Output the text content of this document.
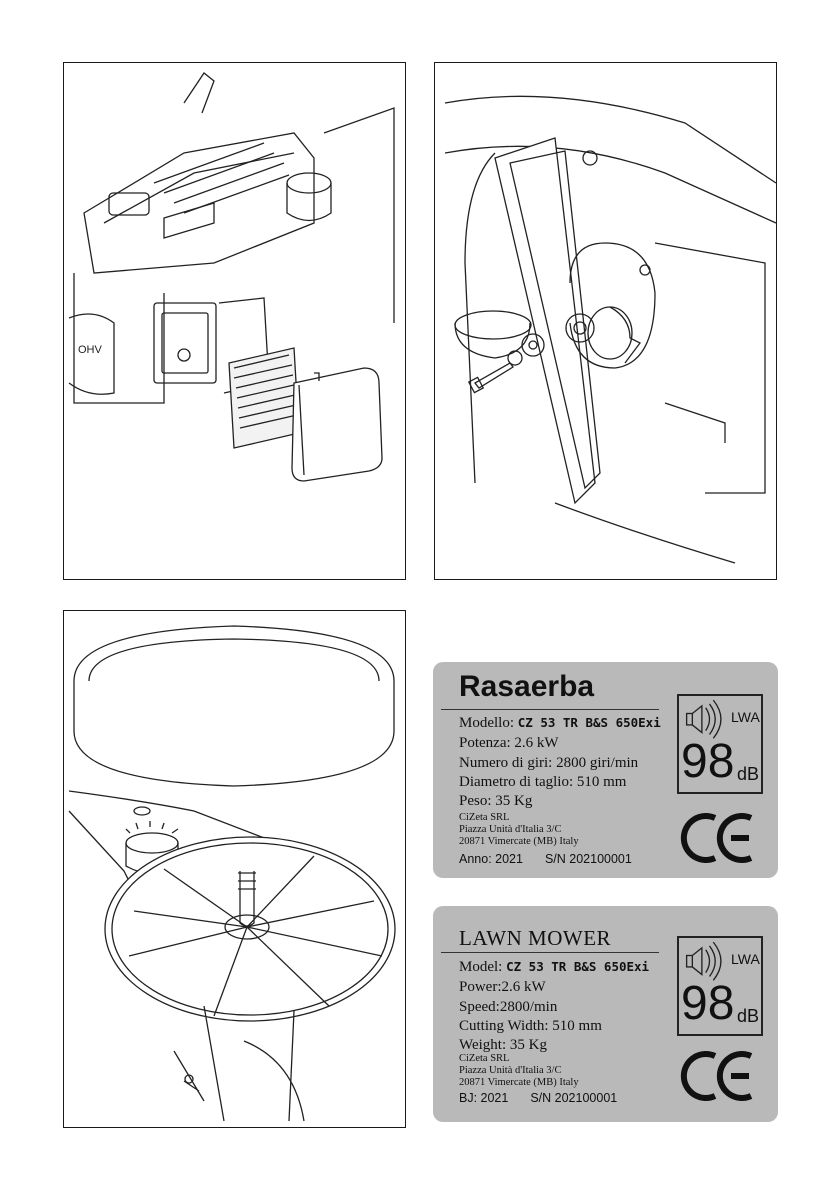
OHV
Rasaerba
Modello: CZ 53 TR B&S 650Exi
Potenza: 2.6 kW
Numero di giri: 2800 giri/min
Diametro di taglio: 510 mm
Peso: 35 Kg
CiZeta SRL
Piazza Unità d'Italia 3/C
20871 Vimercate (MB) Italy
Anno: 2021 S/N 202100001
LWA
98 dB
LAWN MOWER
Model: CZ 53 TR B&S 650Exi
Power:2.6 kW
Speed:2800/min
Cutting Width: 510 mm
Weight: 35 Kg
CiZeta SRL
Piazza Unità d'Italia 3/C
20871 Vimercate (MB) Italy
BJ: 2021 S/N 202100001
LWA
98 dB
